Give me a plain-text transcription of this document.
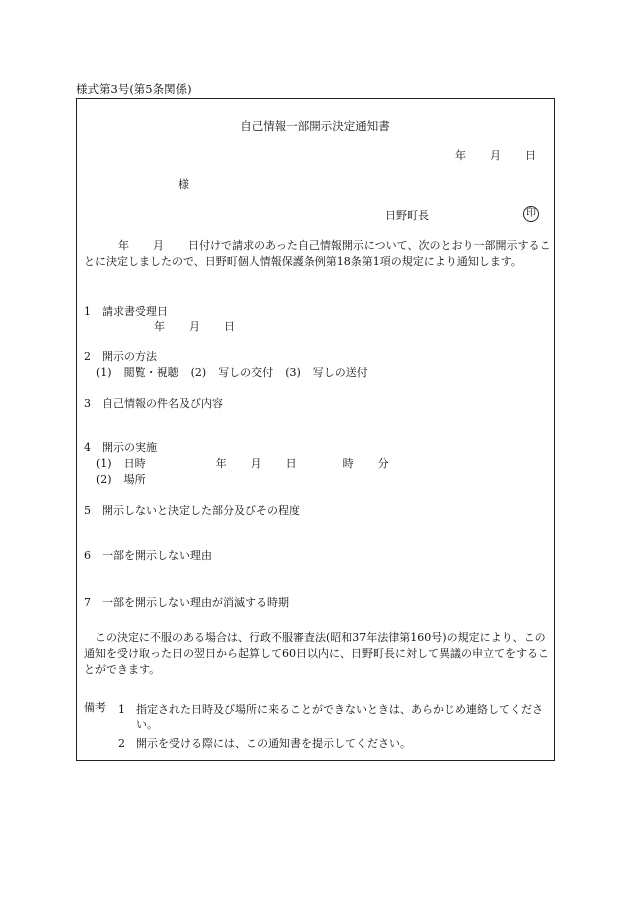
様式第3号(第5条関係)
自己情報一部開示決定通知書
年 月 日
様
日野町長	印
年 月 日付けで請求のあった自己情報開示について、次のとおり一部開示することに決定しましたので、日野町個人情報保護条例第18条第1項の規定により通知します。
1 請求書受理日
年 月 日
2 開示の方法
(1) 閲覧・視聴 (2) 写しの交付 (3) 写しの送付
3 自己情報の件名及び内容
4 開示の実施
(1) 日時	年 月 日	時 分
(2) 場所
5 開示しないと決定した部分及びその程度
6 一部を開示しない理由
7 一部を開示しない理由が消滅する時期
この決定に不服のある場合は、行政不服審査法(昭和37年法律第160号)の規定により、この通知を受け取った日の翌日から起算して60日以内に、日野町長に対して異議の申立てをすることができます。
備考 1 指定された日時及び場所に来ることができないときは、あらかじめ連絡してください。
2 開示を受ける際には、この通知書を提示してください。
